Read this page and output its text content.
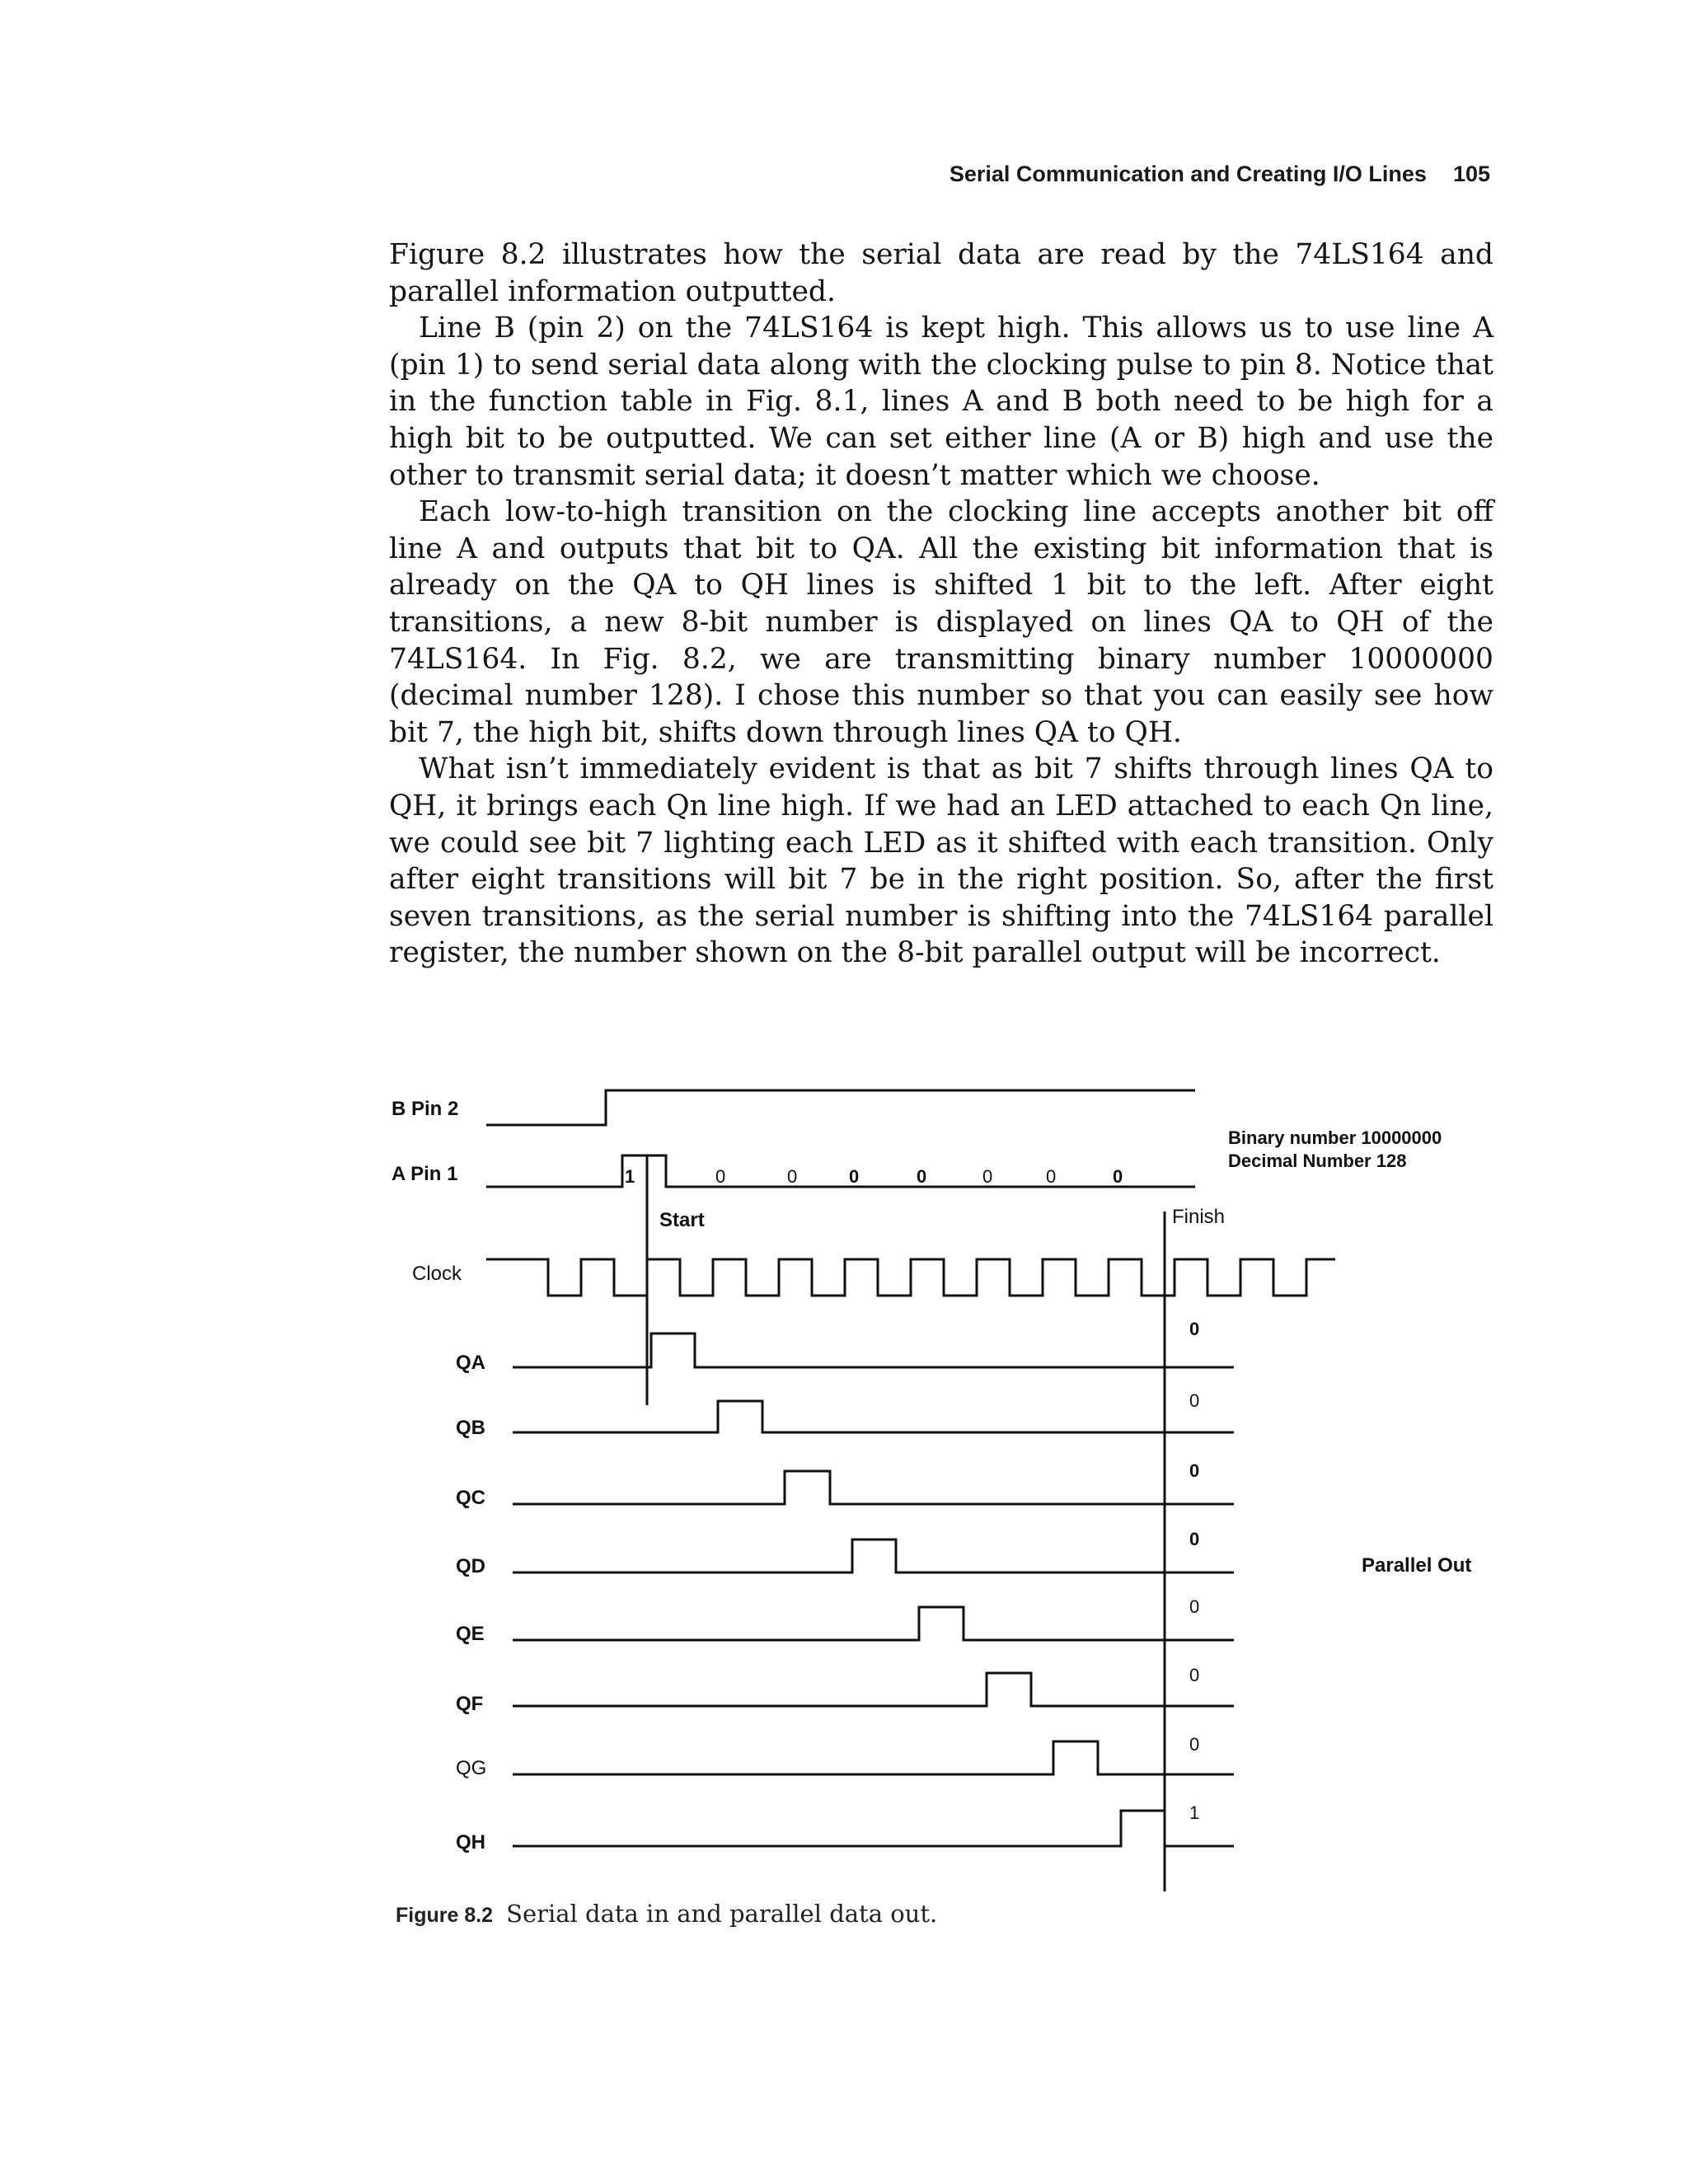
Serial Communication and Creating I/O Lines 105

Figure 8.2 illustrates how the serial data are read by the 74LS164 and parallel information outputted.

Line B (pin 2) on the 74LS164 is kept high. This allows us to use line A (pin 1) to send serial data along with the clocking pulse to pin 8. Notice that in the function table in Fig. 8.1, lines A and B both need to be high for a high bit to be outputted. We can set either line (A or B) high and use the other to transmit serial data; it doesn’t matter which we choose.

Each low-to-high transition on the clocking line accepts another bit off line A and outputs that bit to QA. All the existing bit information that is already on the QA to QH lines is shifted 1 bit to the left. After eight transitions, a new 8-bit number is displayed on lines QA to QH of the 74LS164. In Fig. 8.2, we are transmitting binary number 10000000 (decimal number 128). I chose this number so that you can easily see how bit 7, the high bit, shifts down through lines QA to QH.

What isn’t immediately evident is that as bit 7 shifts through lines QA to QH, it brings each Qn line high. If we had an LED attached to each Qn line, we could see bit 7 lighting each LED as it shifted with each transition. Only after eight transitions will bit 7 be in the right position. So, after the first seven transitions, as the serial number is shifting into the 74LS164 parallel register, the number shown on the 8-bit parallel output will be incorrect.

B Pin 2
A Pin 1
Clock
1	0	0	0	0	0	0	0
Start	Finish
Binary number 10000000
Decimal Number 128
Parallel Out
QA
QB
QC
QD
QE
QF
QG
QH
0
0
0
0
0
0
0
1
Figure 8.2 Serial data in and parallel data out.
